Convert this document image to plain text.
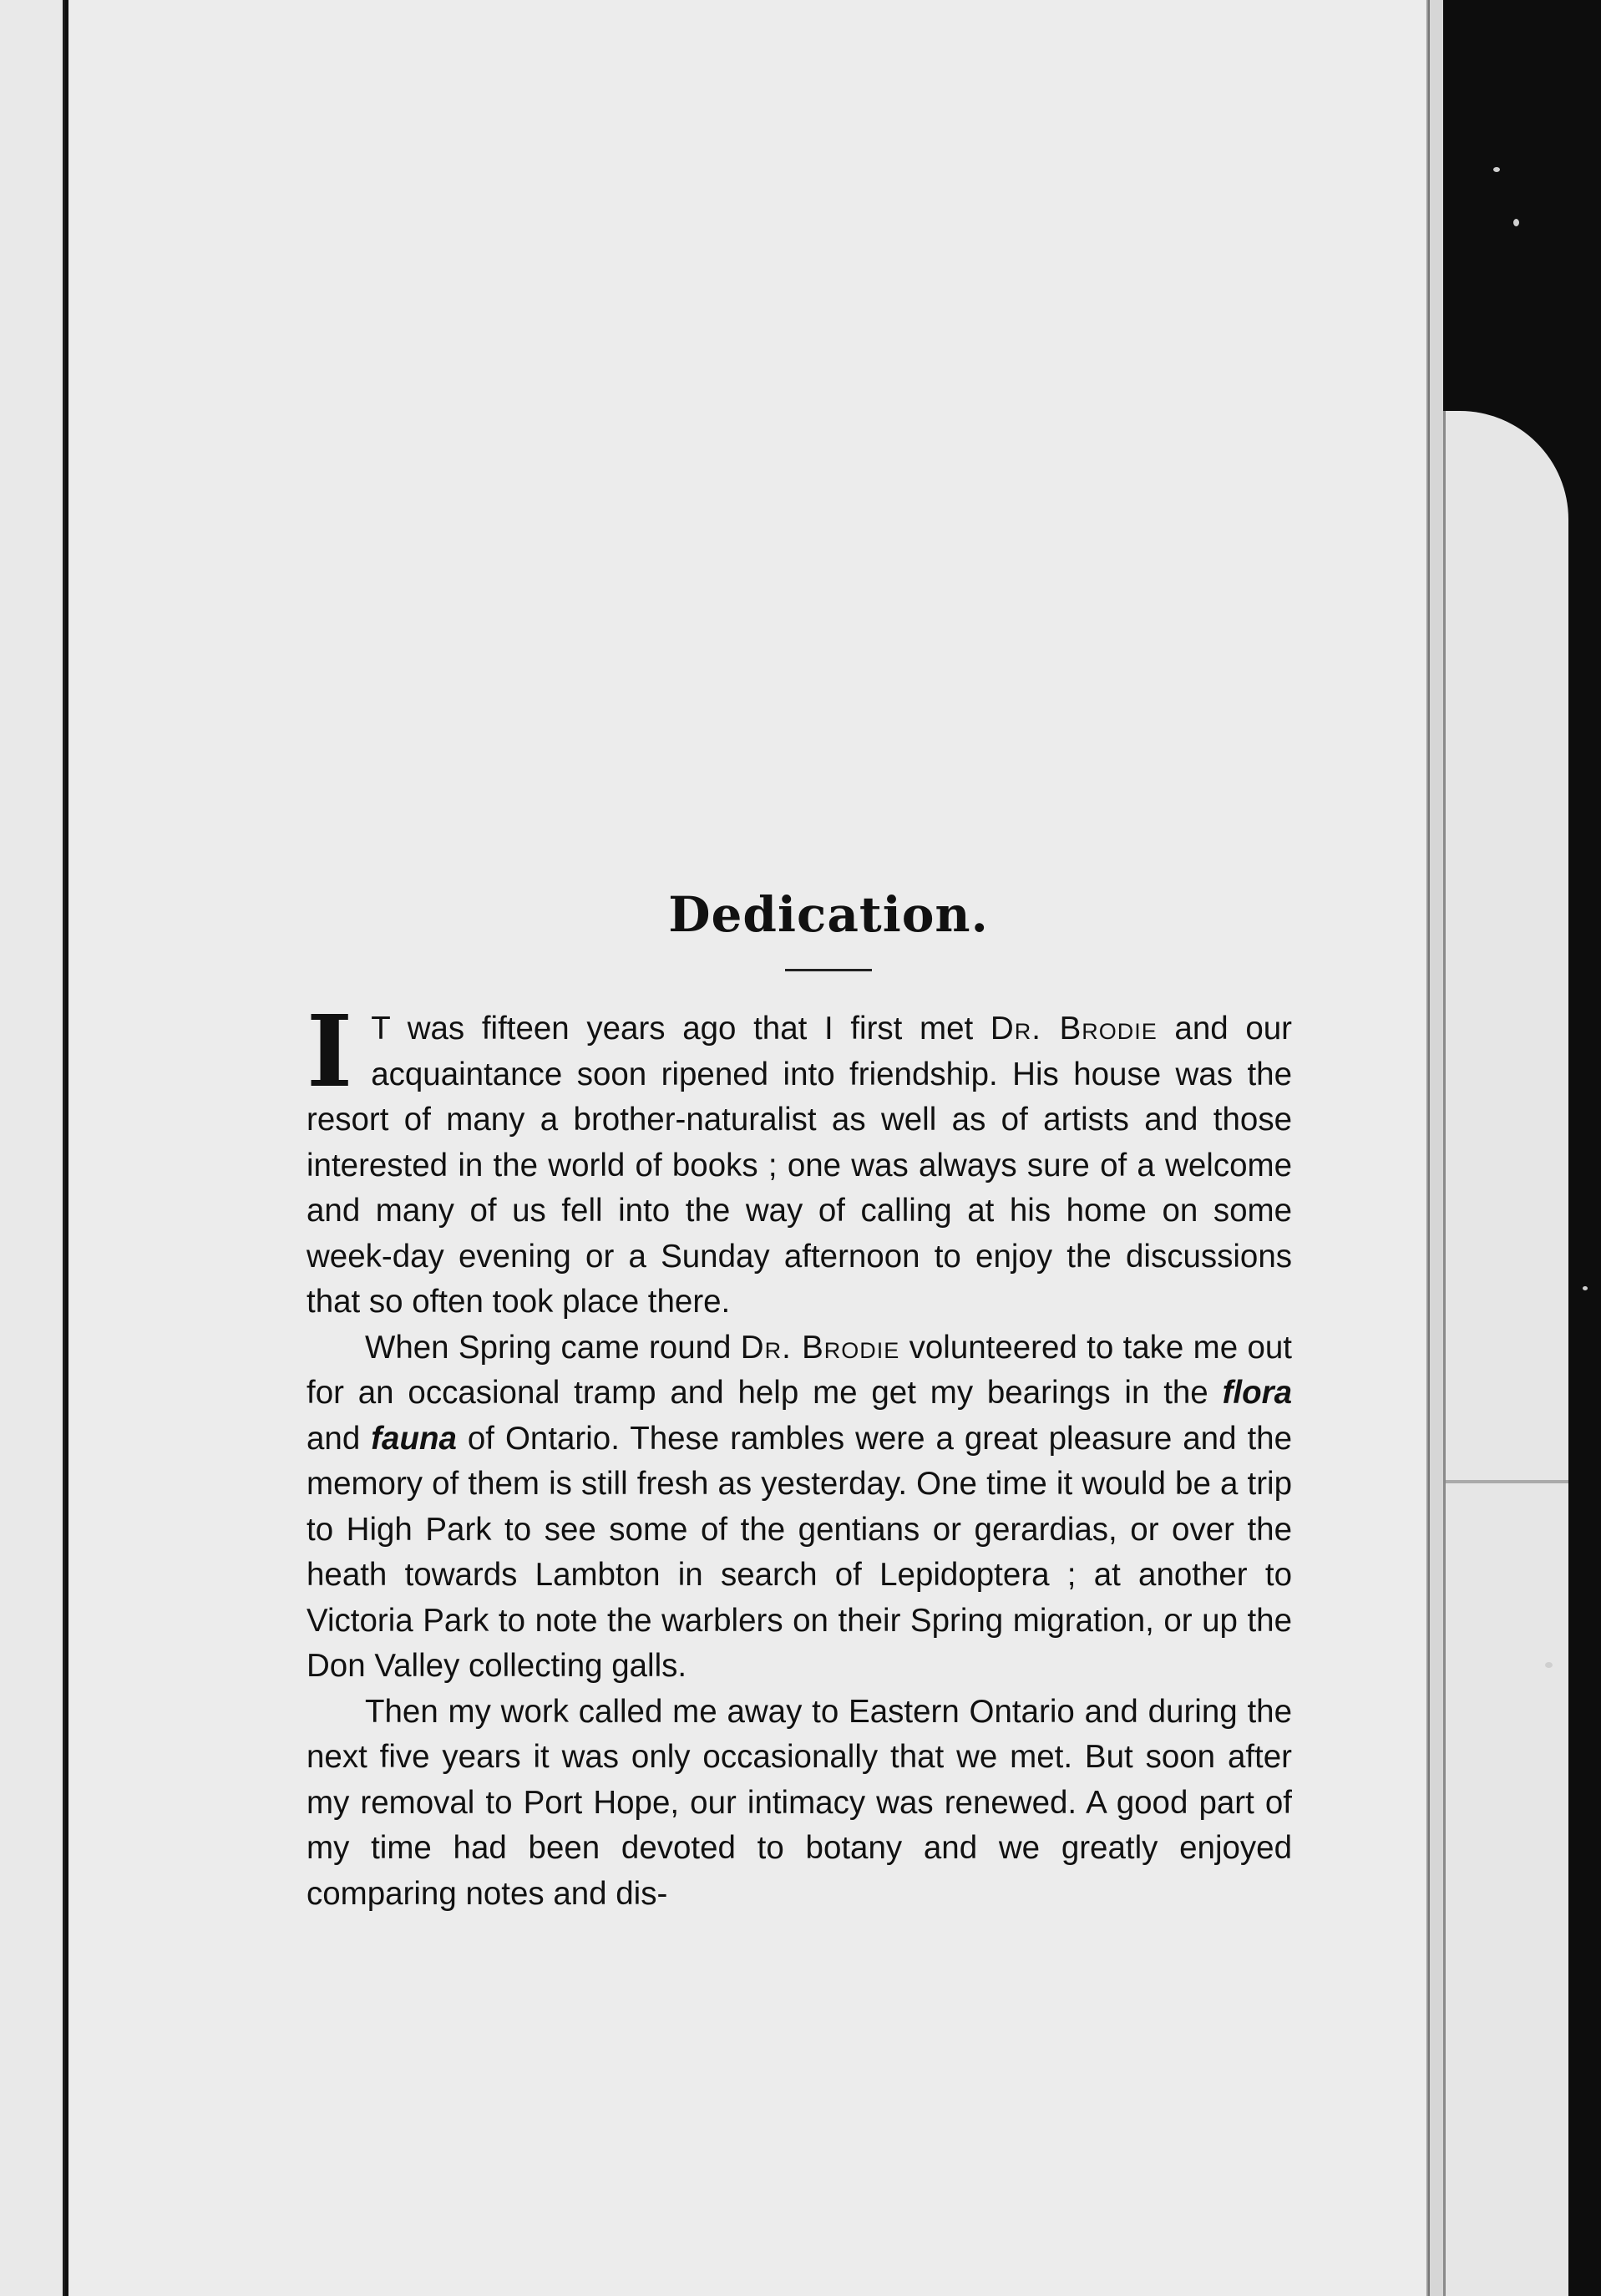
Dedication.

I T was fifteen years ago that I first met Dr. Brodie and our acquaintance soon ripened into friendship. His house was the resort of many a brother-naturalist as well as of artists and those interested in the world of books ; one was always sure of a welcome and many of us fell into the way of calling at his home on some week-day evening or a Sunday afternoon to enjoy the discussions that so often took place there.

When Spring came round Dr. Brodie volunteered to take me out for an occasional tramp and help me get my bearings in the flora and fauna of Ontario. These rambles were a great pleasure and the memory of them is still fresh as yesterday. One time it would be a trip to High Park to see some of the gentians or gerardias, or over the heath towards Lambton in search of Lepidoptera ; at another to Victoria Park to note the warblers on their Spring migration, or up the Don Valley collecting galls.

Then my work called me away to Eastern Ontario and during the next five years it was only occasionally that we met. But soon after my removal to Port Hope, our intimacy was renewed. A good part of my time had been devoted to botany and we greatly enjoyed comparing notes and dis-
